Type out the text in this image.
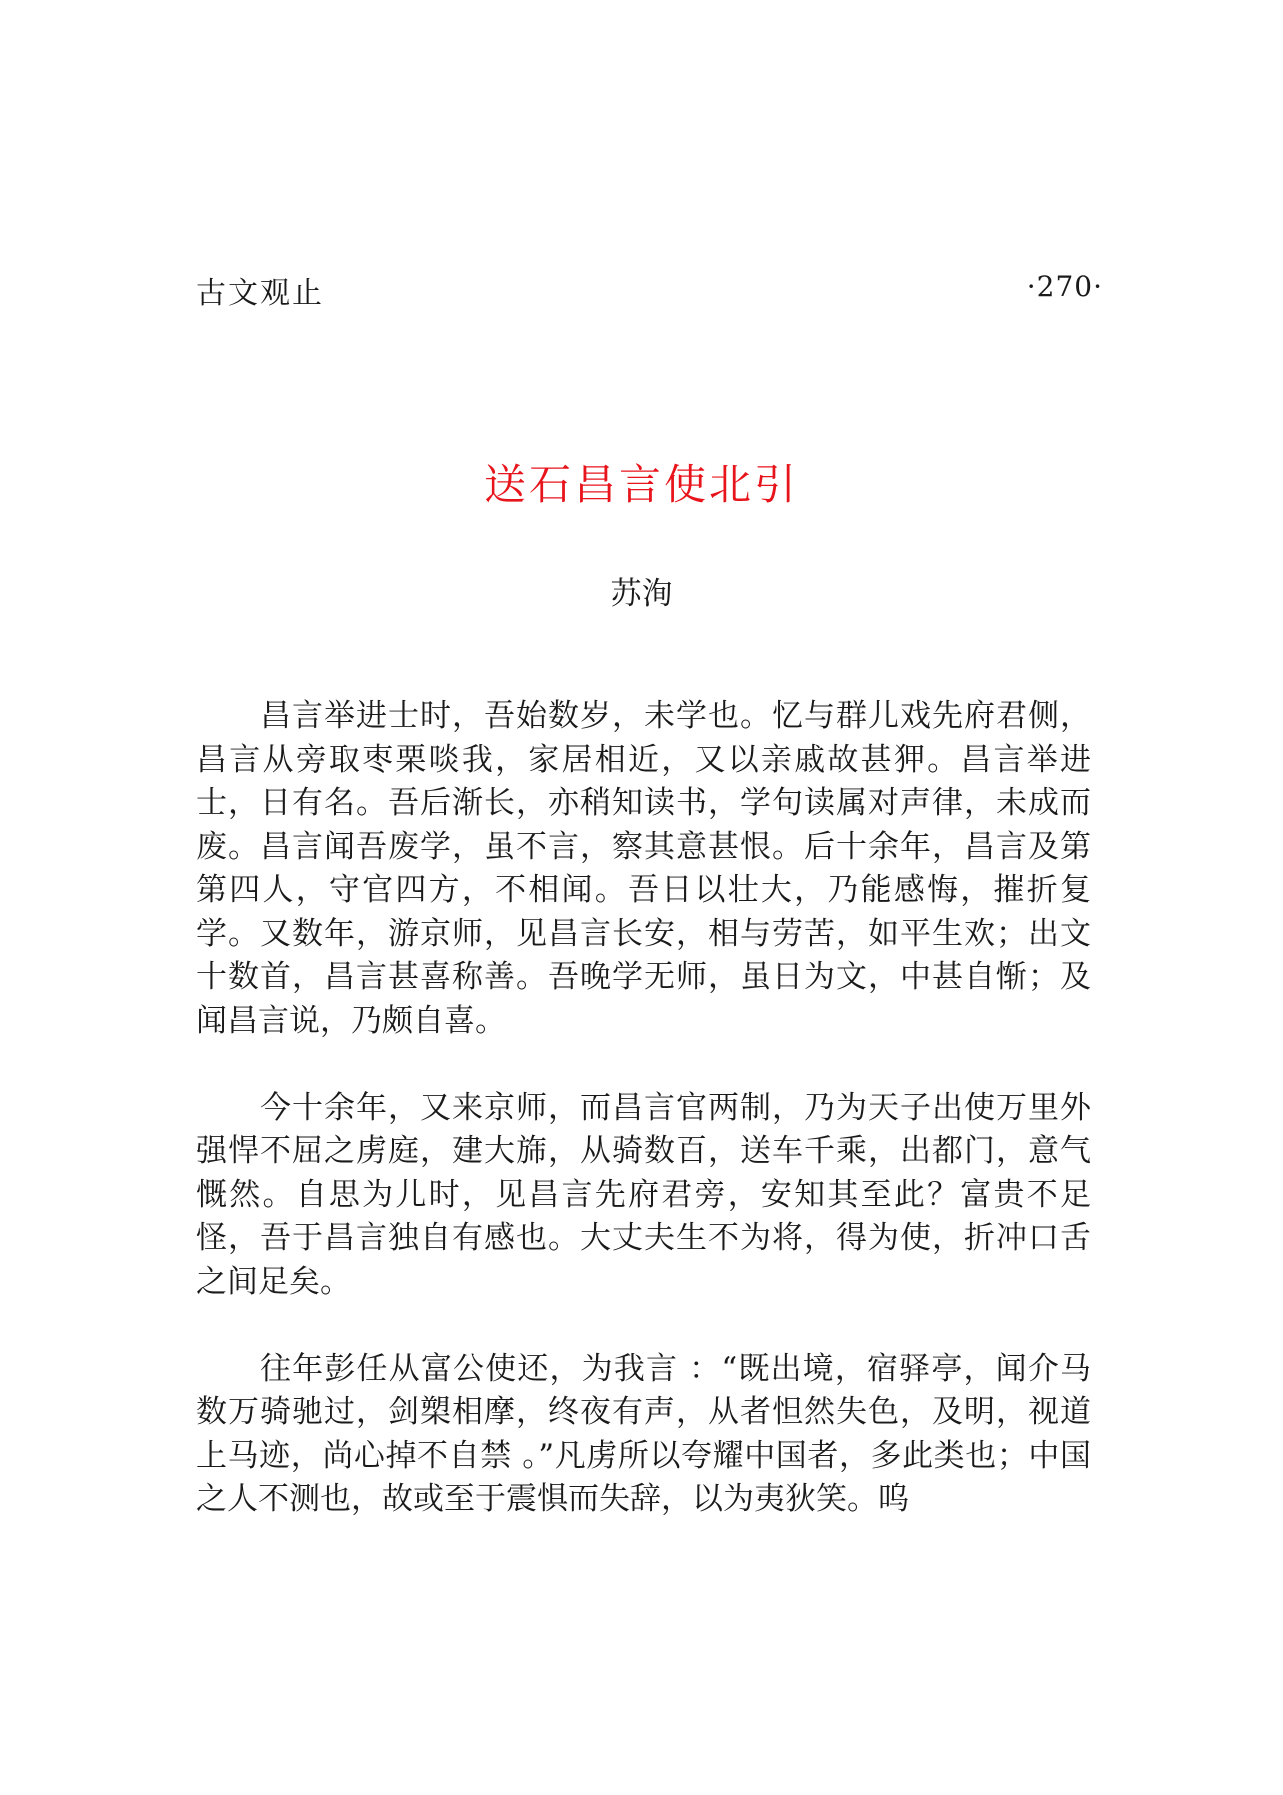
古文观止	·270·
送石昌言使北引
苏洵

昌言举进士时，吾始数岁，未学也。忆与群儿戏先府君侧，昌言从旁取枣栗啖我，家居相近，又以亲戚故甚狎。昌言举进士，日有名。吾后渐长，亦稍知读书，学句读属对声律，未成而废。昌言闻吾废学，虽不言，察其意甚恨。后十余年，昌言及第第四人，守官四方，不相闻。吾日以壮大，乃能感悔，摧折复学。又数年，游京师，见昌言长安，相与劳苦，如平生欢；出文十数首，昌言甚喜称善。吾晚学无师，虽日为文，中甚自惭；及闻昌言说，乃颇自喜。

今十余年，又来京师，而昌言官两制，乃为天子出使万里外强悍不屈之虏庭，建大旆，从骑数百，送车千乘，出都门，意气慨然。自思为儿时，见昌言先府君旁，安知其至此？富贵不足怪，吾于昌言独自有感也。大丈夫生不为将，得为使，折冲口舌之间足矣。

往年彭任从富公使还，为我言 ：“既出境，宿驿亭，闻介马数万骑驰过，剑槊相摩，终夜有声，从者怛然失色，及明，视道上马迹，尚心掉不自禁 。”凡虏所以夸耀中国者，多此类也；中国之人不测也，故或至于震惧而失辞，以为夷狄笑。呜
